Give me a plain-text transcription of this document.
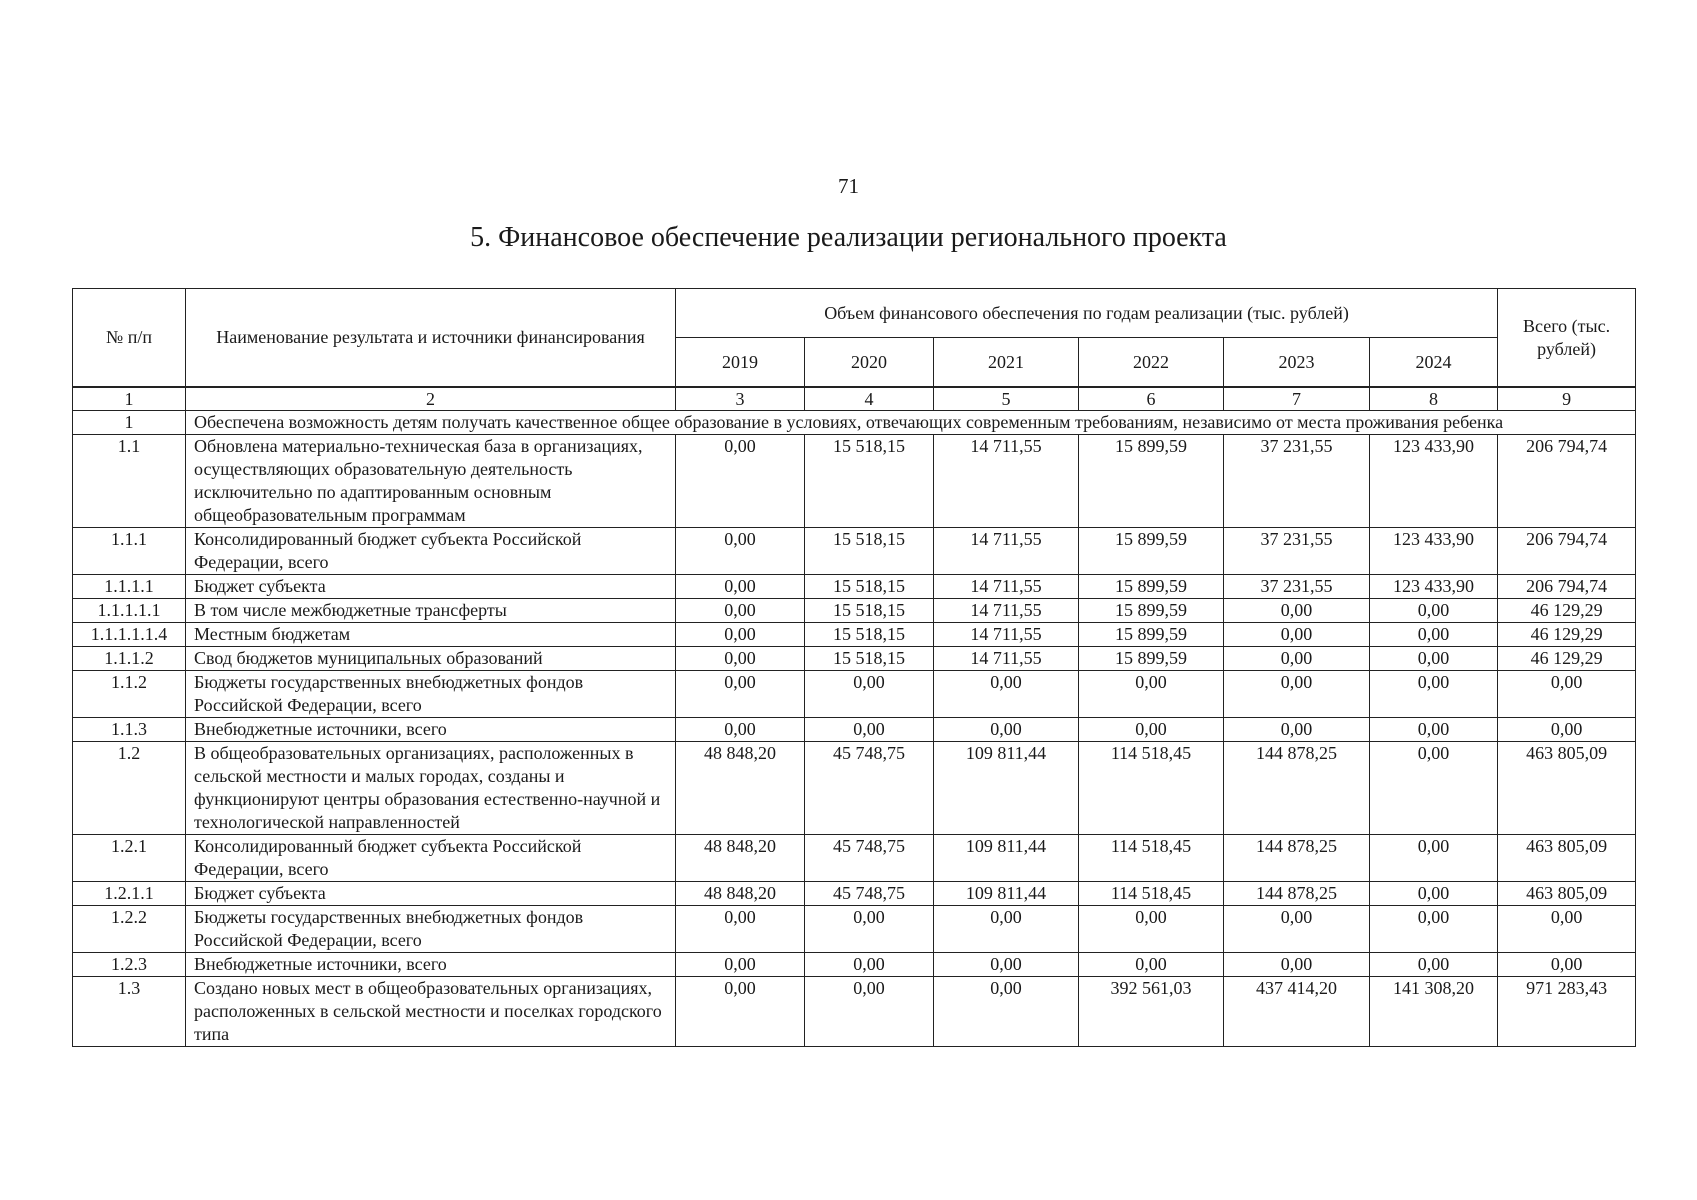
71
5. Финансовое обеспечение реализации регионального проекта
№ п/п	Наименование результата и источники финансирования	Объем финансового обеспечения по годам реализации (тыс. рублей)						Всего (тыс. рублей)
		2019	2020	2021	2022	2023	2024	
1	2	3	4	5	6	7	8	9
1	Обеспечена возможность детям получать качественное общее образование в условиях, отвечающих современным требованиям, независимо от места проживания ребенка							
1.1	Обновлена материально-техническая база в организациях, осуществляющих образовательную деятельность исключительно по адаптированным основным общеобразовательным программам	0,00	15 518,15	14 711,55	15 899,59	37 231,55	123 433,90	206 794,74
1.1.1	Консолидированный бюджет субъекта Российской Федерации, всего	0,00	15 518,15	14 711,55	15 899,59	37 231,55	123 433,90	206 794,74
1.1.1.1	Бюджет субъекта	0,00	15 518,15	14 711,55	15 899,59	37 231,55	123 433,90	206 794,74
1.1.1.1.1	В том числе межбюджетные трансферты	0,00	15 518,15	14 711,55	15 899,59	0,00	0,00	46 129,29
1.1.1.1.1.4	Местным бюджетам	0,00	15 518,15	14 711,55	15 899,59	0,00	0,00	46 129,29
1.1.1.2	Свод бюджетов муниципальных образований	0,00	15 518,15	14 711,55	15 899,59	0,00	0,00	46 129,29
1.1.2	Бюджеты государственных внебюджетных фондов Российской Федерации, всего	0,00	0,00	0,00	0,00	0,00	0,00	0,00
1.1.3	Внебюджетные источники, всего	0,00	0,00	0,00	0,00	0,00	0,00	0,00
1.2	В общеобразовательных организациях, расположенных в сельской местности и малых городах, созданы и функционируют центры образования естественно-научной и технологической направленностей	48 848,20	45 748,75	109 811,44	114 518,45	144 878,25	0,00	463 805,09
1.2.1	Консолидированный бюджет субъекта Российской Федерации, всего	48 848,20	45 748,75	109 811,44	114 518,45	144 878,25	0,00	463 805,09
1.2.1.1	Бюджет субъекта	48 848,20	45 748,75	109 811,44	114 518,45	144 878,25	0,00	463 805,09
1.2.2	Бюджеты государственных внебюджетных фондов Российской Федерации, всего	0,00	0,00	0,00	0,00	0,00	0,00	0,00
1.2.3	Внебюджетные источники, всего	0,00	0,00	0,00	0,00	0,00	0,00	0,00
1.3	Создано новых мест в общеобразовательных организациях, расположенных в сельской местности и поселках городского типа	0,00	0,00	0,00	392 561,03	437 414,20	141 308,20	971 283,43
